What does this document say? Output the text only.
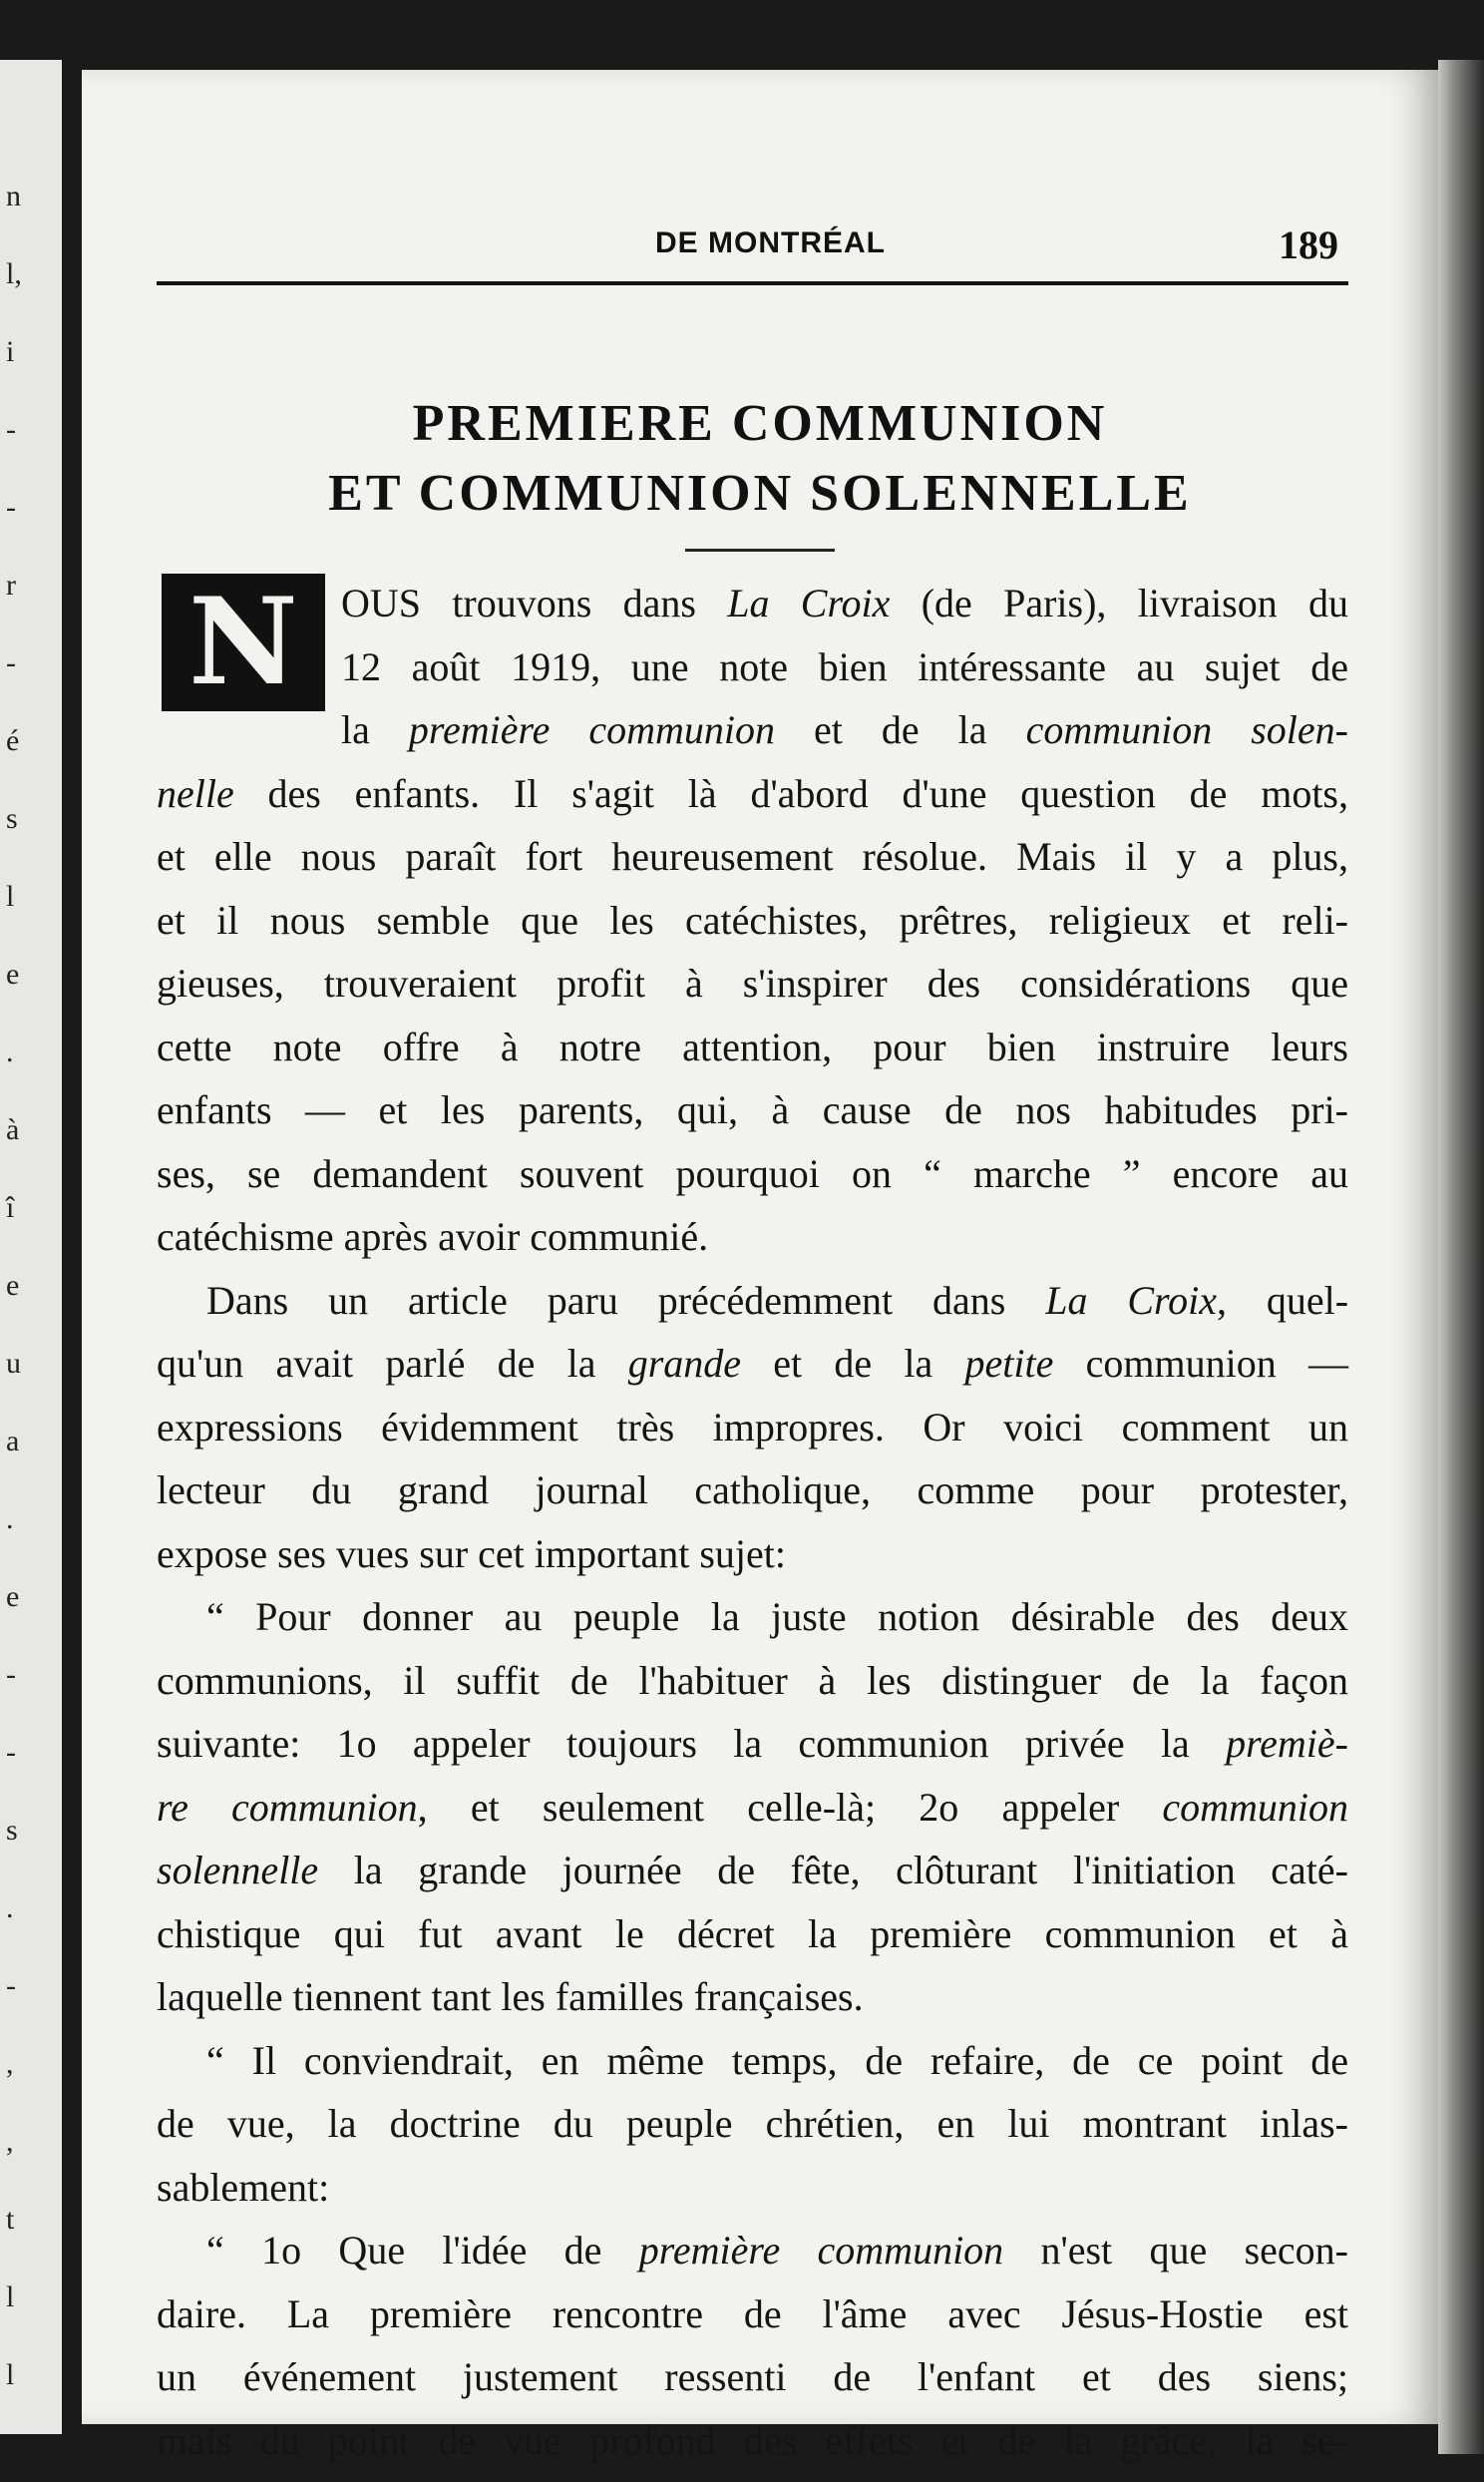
n
l,
i
-
-
r
-
é
s
l
e
.
à
î
e
u
a
.
e
-
-
s
.
-
,
,
t
l
l
DE MONTRÉAL	189
PREMIERE COMMUNION
ET COMMUNION SOLENNELLE
N	OUS trouvons dans La Croix (de Paris), livraison du
12 août 1919, une note bien intéressante au sujet de
la première communion et de la communion solen-
nelle des enfants. Il s'agit là d'abord d'une question de mots,
et elle nous paraît fort heureusement résolue. Mais il y a plus,
et il nous semble que les catéchistes, prêtres, religieux et reli-
gieuses, trouveraient profit à s'inspirer des considérations que
cette note offre à notre attention, pour bien instruire leurs
enfants — et les parents, qui, à cause de nos habitudes pri-
ses, se demandent souvent pourquoi on “ marche ” encore au
catéchisme après avoir communié.
Dans un article paru précédemment dans La Croix, quel-
qu'un avait parlé de la grande et de la petite communion —
expressions évidemment très impropres. Or voici comment un
lecteur du grand journal catholique, comme pour protester,
expose ses vues sur cet important sujet:
“ Pour donner au peuple la juste notion désirable des deux
communions, il suffit de l'habituer à les distinguer de la façon
suivante: 1o appeler toujours la communion privée la premiè-
re communion, et seulement celle-là; 2o appeler communion
solennelle la grande journée de fête, clôturant l'initiation caté-
chistique qui fut avant le décret la première communion et à
laquelle tiennent tant les familles françaises.
“ Il conviendrait, en même temps, de refaire, de ce point de
de vue, la doctrine du peuple chrétien, en lui montrant inlas-
sablement:
“ 1o Que l'idée de première communion n'est que secon-
daire. La première rencontre de l'âme avec Jésus-Hostie est
un événement justement ressenti de l'enfant et des siens;
mais du point de vue profond des effets et de la grâce, la se-
